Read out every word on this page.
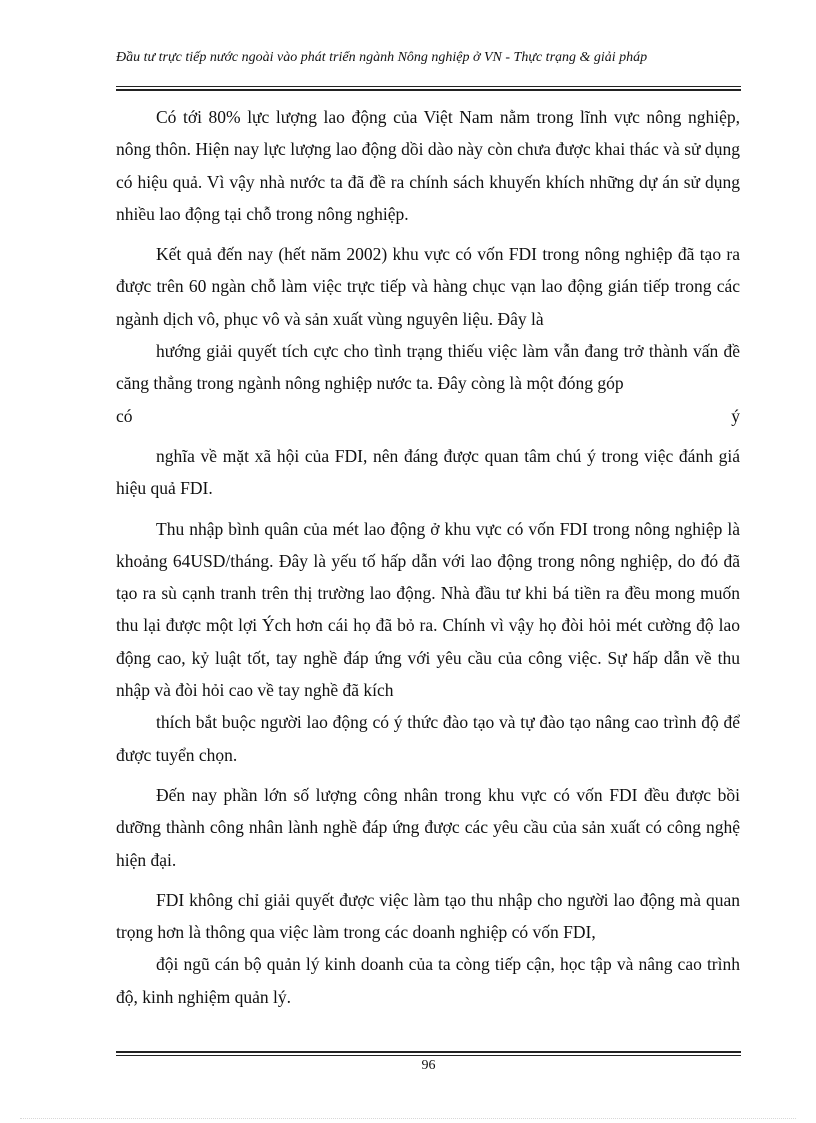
Đầu tư trực tiếp nước ngoài vào phát triển ngành Nông nghiệp ở VN - Thực trạng & giải pháp

Có tới 80% lực lượng lao động của Việt Nam nằm trong lĩnh vực nông nghiệp, nông thôn. Hiện nay lực lượng lao động dồi dào này còn chưa được khai thác và sử dụng có hiệu quả. Vì vậy nhà nước ta đã đề ra chính sách khuyến khích những dự án sử dụng nhiều lao động tại chỗ trong nông nghiệp.

Kết quả đến nay (hết năm 2002) khu vực có vốn FDI trong nông nghiệp đã tạo ra được trên 60 ngàn chỗ làm việc trực tiếp và hàng chục vạn lao động gián tiếp trong các ngành dịch vô, phục vô và sản xuất vùng nguyên liệu. Đây là

hướng giải quyết tích cực cho tình trạng thiếu việc làm vẫn đang trở thành vấn đề căng thẳng trong ngành nông nghiệp nước ta. Đây còng là một đóng góp

có ý

nghĩa về mặt xã hội của FDI, nên đáng được quan tâm chú ý trong việc đánh giá hiệu quả FDI.

Thu nhập bình quân của mét lao động ở khu vực có vốn FDI trong nông nghiệp là khoảng 64USD/tháng. Đây là yếu tố hấp dẫn với lao động trong nông nghiệp, do đó đã tạo ra sù cạnh tranh trên thị trường lao động. Nhà đầu tư khi bá tiền ra đều mong muốn thu lại được một lợi Ých hơn cái họ đã bỏ ra. Chính vì vậy họ đòi hỏi mét cường độ lao động cao, kỷ luật tốt, tay nghề đáp ứng với yêu cầu của công việc. Sự hấp dẫn về thu nhập và đòi hỏi cao về tay nghề đã kích

thích bắt buộc người lao động có ý thức đào tạo và tự đào tạo nâng cao trình độ để được tuyển chọn.

Đến nay phần lớn số lượng công nhân trong khu vực có vốn FDI đều được bồi dưỡng thành công nhân lành nghề đáp ứng được các yêu cầu của sản xuất có công nghệ hiện đại.

FDI không chỉ giải quyết được việc làm tạo thu nhập cho người lao động mà quan trọng hơn là thông qua việc làm trong các doanh nghiệp có vốn FDI,

đội ngũ cán bộ quản lý kinh doanh của ta còng tiếp cận, học tập và nâng cao trình độ, kinh nghiệm quản lý.

96
